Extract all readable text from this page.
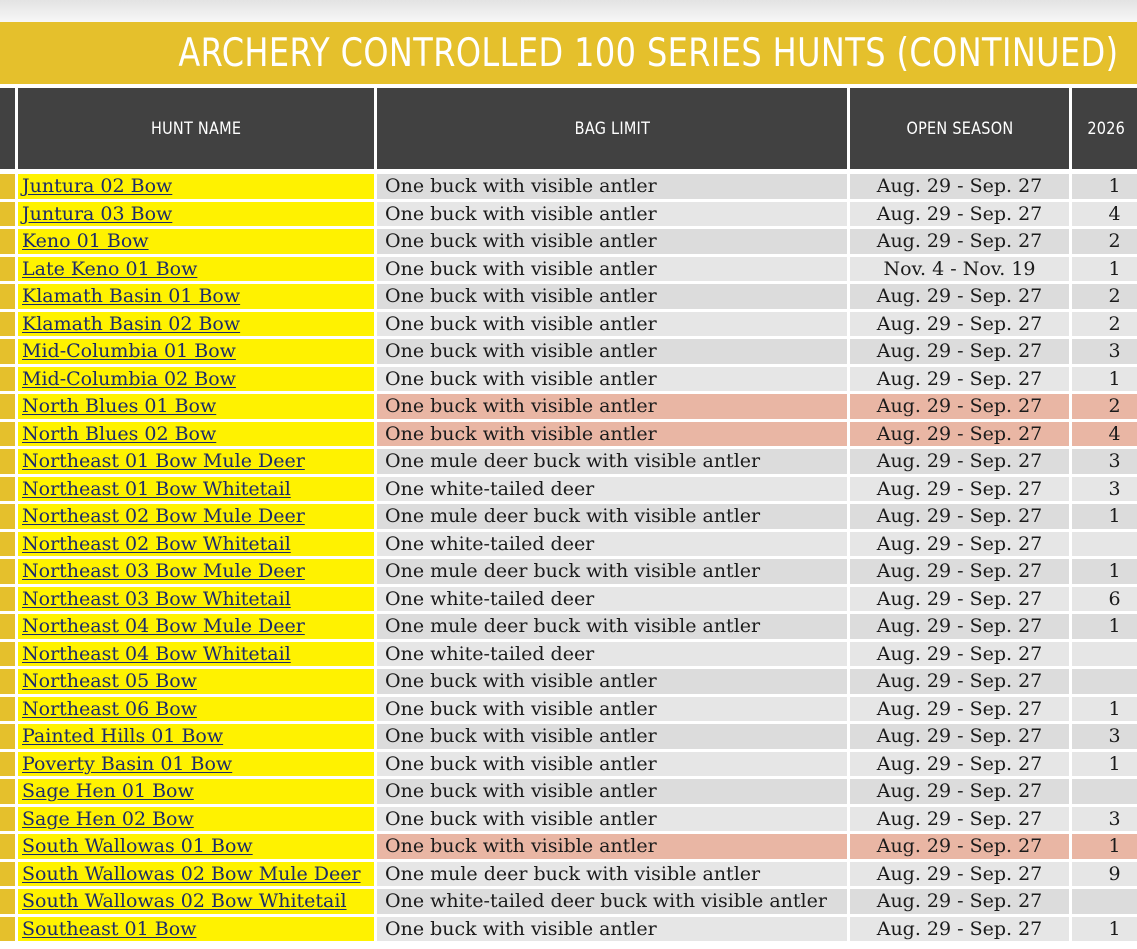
ARCHERY CONTROLLED 100 SERIES HUNTS (CONTINUED)
	HUNT NAME	BAG LIMIT	OPEN SEASON	2026
	Juntura 02 Bow	One buck with visible antler	Aug. 29 - Sep. 27	1
	Juntura 03 Bow	One buck with visible antler	Aug. 29 - Sep. 27	4
	Keno 01 Bow	One buck with visible antler	Aug. 29 - Sep. 27	2
	Late Keno 01 Bow	One buck with visible antler	Nov. 4 - Nov. 19	1
	Klamath Basin 01 Bow	One buck with visible antler	Aug. 29 - Sep. 27	2
	Klamath Basin 02 Bow	One buck with visible antler	Aug. 29 - Sep. 27	2
	Mid-Columbia 01 Bow	One buck with visible antler	Aug. 29 - Sep. 27	3
	Mid-Columbia 02 Bow	One buck with visible antler	Aug. 29 - Sep. 27	1
	North Blues 01 Bow	One buck with visible antler	Aug. 29 - Sep. 27	2
	North Blues 02 Bow	One buck with visible antler	Aug. 29 - Sep. 27	4
	Northeast 01 Bow Mule Deer	One mule deer buck with visible antler	Aug. 29 - Sep. 27	3
	Northeast 01 Bow Whitetail	One white-tailed deer	Aug. 29 - Sep. 27	3
	Northeast 02 Bow Mule Deer	One mule deer buck with visible antler	Aug. 29 - Sep. 27	1
	Northeast 02 Bow Whitetail	One white-tailed deer	Aug. 29 - Sep. 27	
	Northeast 03 Bow Mule Deer	One mule deer buck with visible antler	Aug. 29 - Sep. 27	1
	Northeast 03 Bow Whitetail	One white-tailed deer	Aug. 29 - Sep. 27	6
	Northeast 04 Bow Mule Deer	One mule deer buck with visible antler	Aug. 29 - Sep. 27	1
	Northeast 04 Bow Whitetail	One white-tailed deer	Aug. 29 - Sep. 27	
	Northeast 05 Bow	One buck with visible antler	Aug. 29 - Sep. 27	
	Northeast 06 Bow	One buck with visible antler	Aug. 29 - Sep. 27	1
	Painted Hills 01 Bow	One buck with visible antler	Aug. 29 - Sep. 27	3
	Poverty Basin 01 Bow	One buck with visible antler	Aug. 29 - Sep. 27	1
	Sage Hen 01 Bow	One buck with visible antler	Aug. 29 - Sep. 27	
	Sage Hen 02 Bow	One buck with visible antler	Aug. 29 - Sep. 27	3
	South Wallowas 01 Bow	One buck with visible antler	Aug. 29 - Sep. 27	1
	South Wallowas 02 Bow Mule Deer	One mule deer buck with visible antler	Aug. 29 - Sep. 27	9
	South Wallowas 02 Bow Whitetail	One white-tailed deer buck with visible antler	Aug. 29 - Sep. 27	
	Southeast 01 Bow	One buck with visible antler	Aug. 29 - Sep. 27	1
